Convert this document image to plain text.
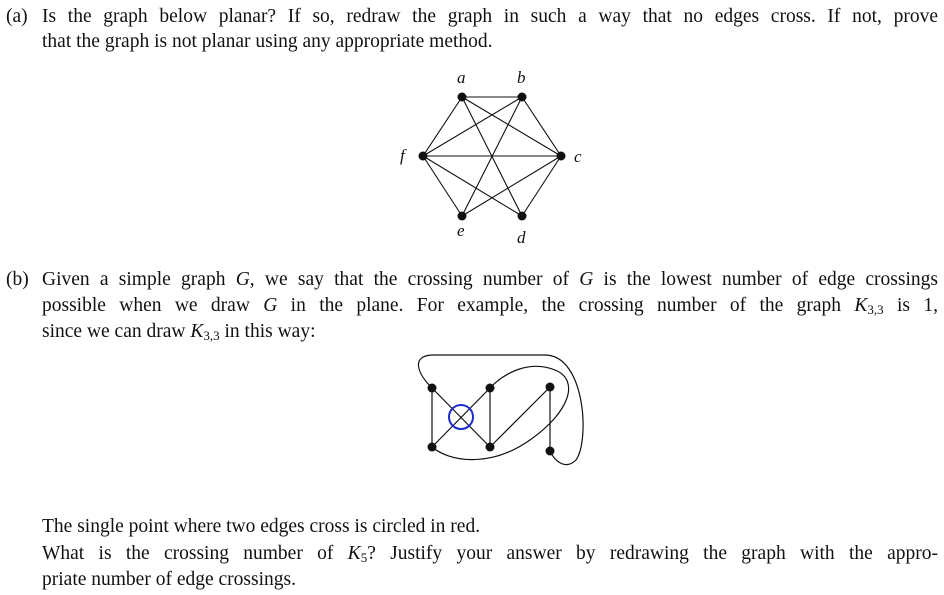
(a) Is the graph below planar? If so, redraw the graph in such a way that no edges cross. If not, prove
that the graph is not planar using any appropriate method.
a	b
c
d
e
f
(b) Given a simple graph G, we say that the crossing number of G is the lowest number of edge crossings
possible when we draw G in the plane. For example, the crossing number of the graph $K_{3,3}$ is 1,
since we can draw $K_{3,3}$ in this way:
The single point where two edges cross is circled in red.
What is the crossing number of $K_5$? Justify your answer by redrawing the graph with the appro-
priate number of edge crossings.
